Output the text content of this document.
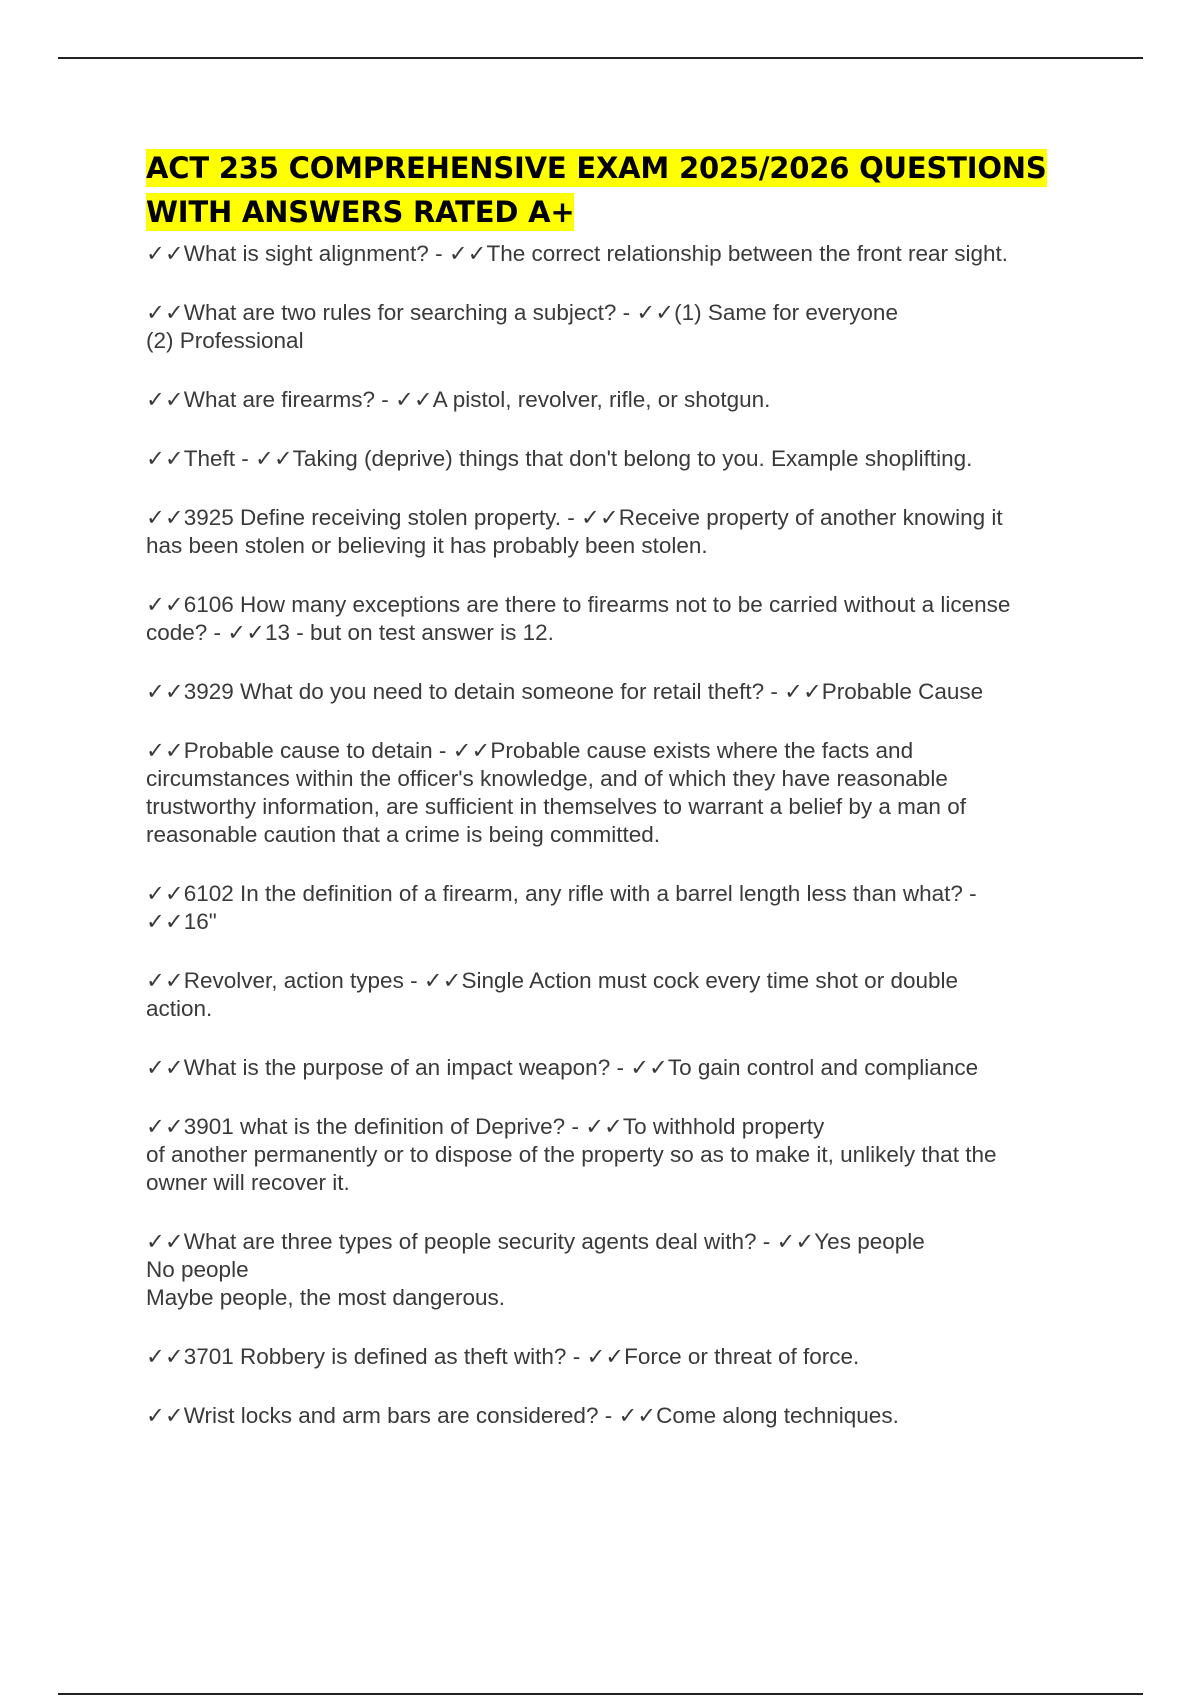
ACT 235 COMPREHENSIVE EXAM 2025/2026 QUESTIONS
WITH ANSWERS RATED A+

✓✓What is sight alignment? - ✓✓The correct relationship between the front rear sight.

✓✓What are two rules for searching a subject? - ✓✓(1) Same for everyone
(2) Professional

✓✓What are firearms? - ✓✓A pistol, revolver, rifle, or shotgun.

✓✓Theft - ✓✓Taking (deprive) things that don't belong to you. Example shoplifting.

✓✓3925 Define receiving stolen property. - ✓✓Receive property of another knowing it
has been stolen or believing it has probably been stolen.

✓✓6106 How many exceptions are there to firearms not to be carried without a license
code? - ✓✓13 - but on test answer is 12.

✓✓3929 What do you need to detain someone for retail theft? - ✓✓Probable Cause

✓✓Probable cause to detain - ✓✓Probable cause exists where the facts and
circumstances within the officer's knowledge, and of which they have reasonable
trustworthy information, are sufficient in themselves to warrant a belief by a man of
reasonable caution that a crime is being committed.

✓✓6102 In the definition of a firearm, any rifle with a barrel length less than what? -
✓✓16"

✓✓Revolver, action types - ✓✓Single Action must cock every time shot or double
action.

✓✓What is the purpose of an impact weapon? - ✓✓To gain control and compliance

✓✓3901 what is the definition of Deprive? - ✓✓To withhold property
of another permanently or to dispose of the property so as to make it, unlikely that the
owner will recover it.

✓✓What are three types of people security agents deal with? - ✓✓Yes people
No people
Maybe people, the most dangerous.

✓✓3701 Robbery is defined as theft with? - ✓✓Force or threat of force.

✓✓Wrist locks and arm bars are considered? - ✓✓Come along techniques.
